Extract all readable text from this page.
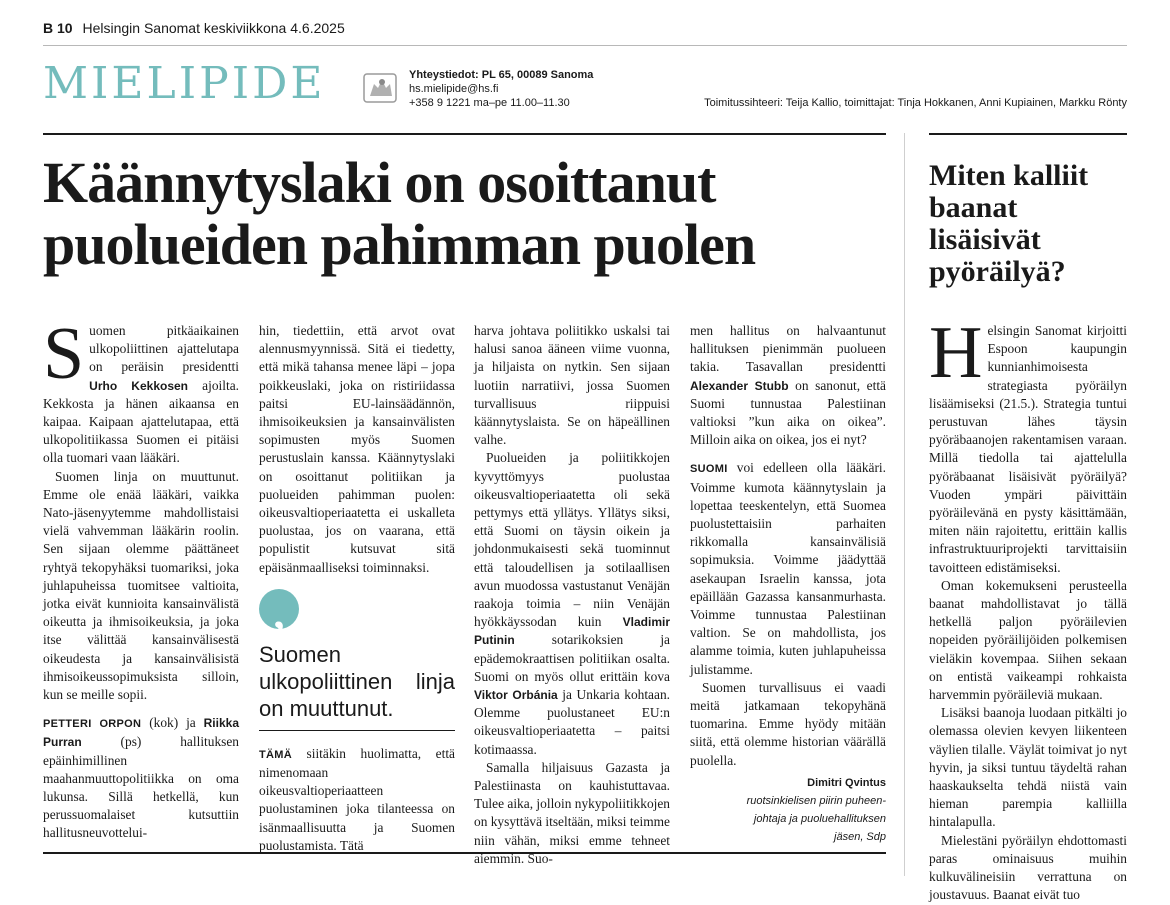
B 10 Helsingin Sanomat keskiviikkona 4.6.2025
MIELIPIDE	Yhteystiedot: PL 65, 00089 Sanoma
hs.mielipide@hs.fi
+358 9 1221 ma–pe 11.00–11.30	Toimitussihteeri: Teija Kallio, toimittajat: Tinja Hokkanen, Anni Kupiainen, Markku Rönty
Käännytyslaki on osoittanut puolueiden pahimman puolen

Suomen pitkäaikainen ulkopoliittinen ajattelutapa on peräisin presidentti Urho Kekkosen ajoilta. Kekkosta ja hänen aikaansa en kaipaa. Kaipaan ajattelutapaa, että ulkopolitiikassa Suomen ei pitäisi olla tuomari vaan lääkäri.

Suomen linja on muuttunut. Emme ole enää lääkäri, vaikka Nato-jäsenyytemme mahdollistaisi vielä vahvemman lääkärin roolin. Sen sijaan olemme päättäneet ryhtyä tekopyhäksi tuomariksi, joka juhlapuheissa tuomitsee valtioita, jotka eivät kunnioita kansainvälistä oikeutta ja ihmisoikeuksia, ja joka itse välittää kansainvälisestä oikeudesta ja kansainvälisistä ihmisoikeussopimuksista silloin, kun se meille sopii.

PETTERI ORPON (kok) ja Riikka Purran (ps) hallituksen epäinhimillinen maahanmuuttopolitiikka on oma lukunsa. Sillä hetkellä, kun perussuomalaiset kutsuttiin hallitusneuvottelui-

hin, tiedettiin, että arvot ovat alennusmyynnissä. Sitä ei tiedetty, että mikä tahansa menee läpi – jopa poikkeuslaki, joka on ristiriidassa paitsi EU-lainsäädännön, ihmisoikeuksien ja kansainvälisten sopimusten myös Suomen perustuslain kanssa. Käännytyslaki on osoittanut politiikan ja puolueiden pahimman puolen: oikeusvaltioperiaatetta ei uskalleta puolustaa, jos on vaarana, että populistit kutsuvat sitä epäisänmaalliseksi toiminnaksi.

,
Suomen ulkopoliittinen linja on muuttunut.

TÄMÄ siitäkin huolimatta, että nimenomaan oikeusvaltioperiaatteen puolustaminen joka tilanteessa on isänmaallisuutta ja Suomen puolustamista. Tätä

harva johtava poliitikko uskalsi tai halusi sanoa ääneen viime vuonna, ja hiljaista on nytkin. Sen sijaan luotiin narratiivi, jossa Suomen turvallisuus riippuisi käännytyslaista. Se on häpeällinen valhe.

Puolueiden ja poliitikkojen kyvyttömyys puolustaa oikeusvaltioperiaatetta oli sekä pettymys että yllätys. Yllätys siksi, että Suomi on täysin oikein ja johdonmukaisesti sekä tuominnut että taloudellisen ja sotilaallisen avun muodossa vastustanut Venäjän raakoja toimia – niin Venäjän hyökkäyssodan kuin Vladimir Putinin sotarikoksien ja epädemokraattisen politiikan osalta. Suomi on myös ollut erittäin kova Viktor Orbánia ja Unkaria kohtaan. Olemme puolustaneet EU:n oikeusvaltioperiaatetta – paitsi kotimaassa.

Samalla hiljaisuus Gazasta ja Palestiinasta on kauhistuttavaa. Tulee aika, jolloin nykypoliitikkojen on kysyttävä itseltään, miksi teimme niin vähän, miksi emme tehneet aiemmin. Suo-

men hallitus on halvaantunut hallituksen pienimmän puolueen takia. Tasavallan presidentti Alexander Stubb on sanonut, että Suomi tunnustaa Palestiinan valtioksi ”kun aika on oikea”. Milloin aika on oikea, jos ei nyt?

SUOMI voi edelleen olla lääkäri. Voimme kumota käännytyslain ja lopettaa teeskentelyn, että Suomea puolustettaisiin parhaiten rikkomalla kansainvälisiä sopimuksia. Voimme jäädyttää asekaupan Israelin kanssa, jota epäillään Gazassa kansanmurhasta. Voimme tunnustaa Palestiinan valtion. Se on mahdollista, jos alamme toimia, kuten juhlapuheissa julistamme.

Suomen turvallisuus ei vaadi meitä jatkamaan tekopyhänä tuomarina. Emme hyödy mitään siitä, että olemme historian väärällä puolella.

Dimitri Qvintus
ruotsinkielisen piirin puheen-
johtaja ja puoluehallituksen
jäsen, Sdp
Miten kalliit baanat lisäisivät pyöräilyä?

Helsingin Sanomat kirjoitti Espoon kaupungin kunnianhimoisesta strategiasta pyöräilyn lisäämiseksi (21.5.). Strategia tuntui perustuvan lähes täysin pyöräbaanojen rakentamisen varaan. Millä tiedolla tai ajattelulla pyöräbaanat lisäisivät pyöräilyä? Vuoden ympäri päivittäin pyöräilevänä en pysty käsittämään, miten näin rajoitettu, erittäin kallis infrastruktuuriprojekti tarvittaisiin tavoitteen edistämiseksi.

Oman kokemukseni perusteella baanat mahdollistavat jo tällä hetkellä paljon pyöräilevien nopeiden pyöräilijöiden polkemisen vieläkin kovempaa. Siihen sekaan on entistä vaikeampi rohkaista harvemmin pyöräileviä mukaan.

Lisäksi baanoja luodaan pitkälti jo olemassa olevien kevyen liikenteen väylien tilalle. Väylät toimivat jo nyt hyvin, ja siksi tuntuu täydeltä rahan haaskaukselta tehdä niistä vain hieman parempia kalliilla hintalapulla.

Mielestäni pyöräilyn ehdottomasti paras ominaisuus muihin kulkuvälineisiin verrattuna on joustavuus. Baanat eivät tuo
